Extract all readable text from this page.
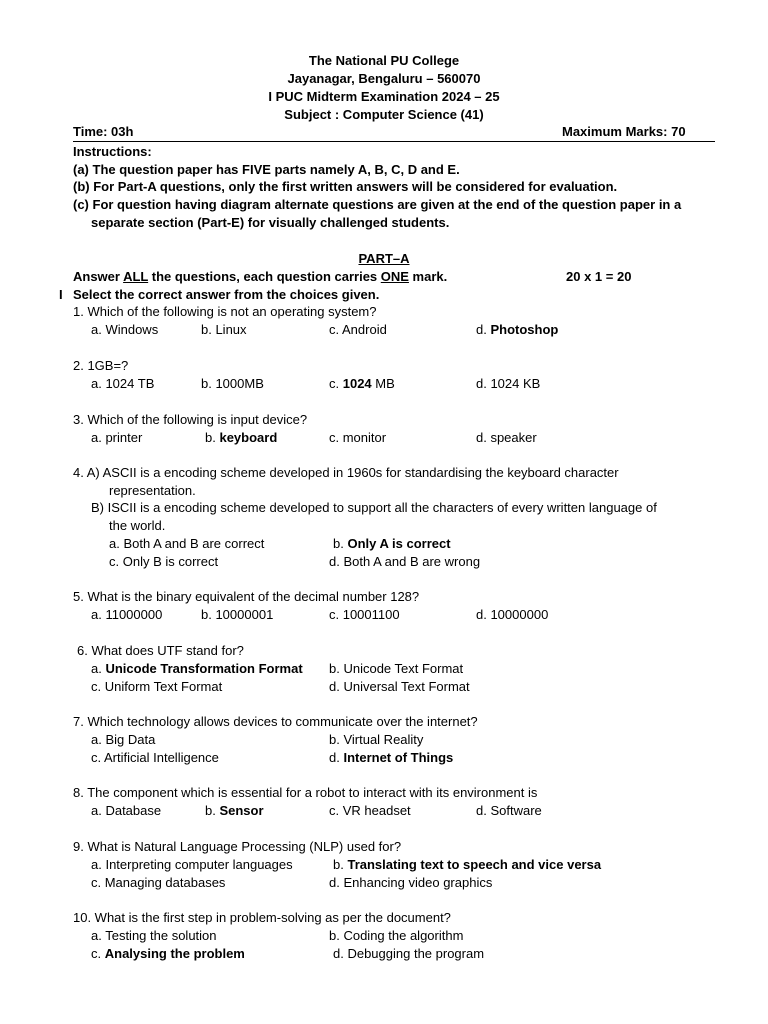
The National PU College
Jayanagar, Bengaluru – 560070
I PUC Midterm Examination 2024 – 25
Subject : Computer Science (41)
Time: 03h	Maximum Marks: 70
Instructions:
(a) The question paper has FIVE parts namely A, B, C, D and E.
(b) For Part-A questions, only the first written answers will be considered for evaluation.
(c) For question having diagram alternate questions are given at the end of the question paper in a
separate section (Part-E) for visually challenged students.
PART–A
Answer ALL the questions, each question carries ONE mark.	20 x 1 = 20
I Select the correct answer from the choices given.
1. Which of the following is not an operating system?
a. Windows	b. Linux	c. Android	d. Photoshop
2. 1GB=?
a. 1024 TB	b. 1000MB	c. 1024 MB	d. 1024 KB
3. Which of the following is input device?
a. printer	b. keyboard	c. monitor	d. speaker
4. A) ASCII is a encoding scheme developed in 1960s for standardising the keyboard character
representation.
B) ISCII is a encoding scheme developed to support all the characters of every written language of
the world.
a. Both A and B are correct	b. Only A is correct
c. Only B is correct	d. Both A and B are wrong
5. What is the binary equivalent of the decimal number 128?
a. 11000000	b. 10000001	c. 10001100	d. 10000000
6. What does UTF stand for?
a. Unicode Transformation Format b. Unicode Text Format
c. Uniform Text Format	d. Universal Text Format
7. Which technology allows devices to communicate over the internet?
a. Big Data	b. Virtual Reality
c. Artificial Intelligence	d. Internet of Things
8. The component which is essential for a robot to interact with its environment is
a. Database	b. Sensor	c. VR headset	d. Software
9. What is Natural Language Processing (NLP) used for?
a. Interpreting computer languages	b. Translating text to speech and vice versa
c. Managing databases	d. Enhancing video graphics
10. What is the first step in problem-solving as per the document?
a. Testing the solution	b. Coding the algorithm
c. Analysing the problem	d. Debugging the program
